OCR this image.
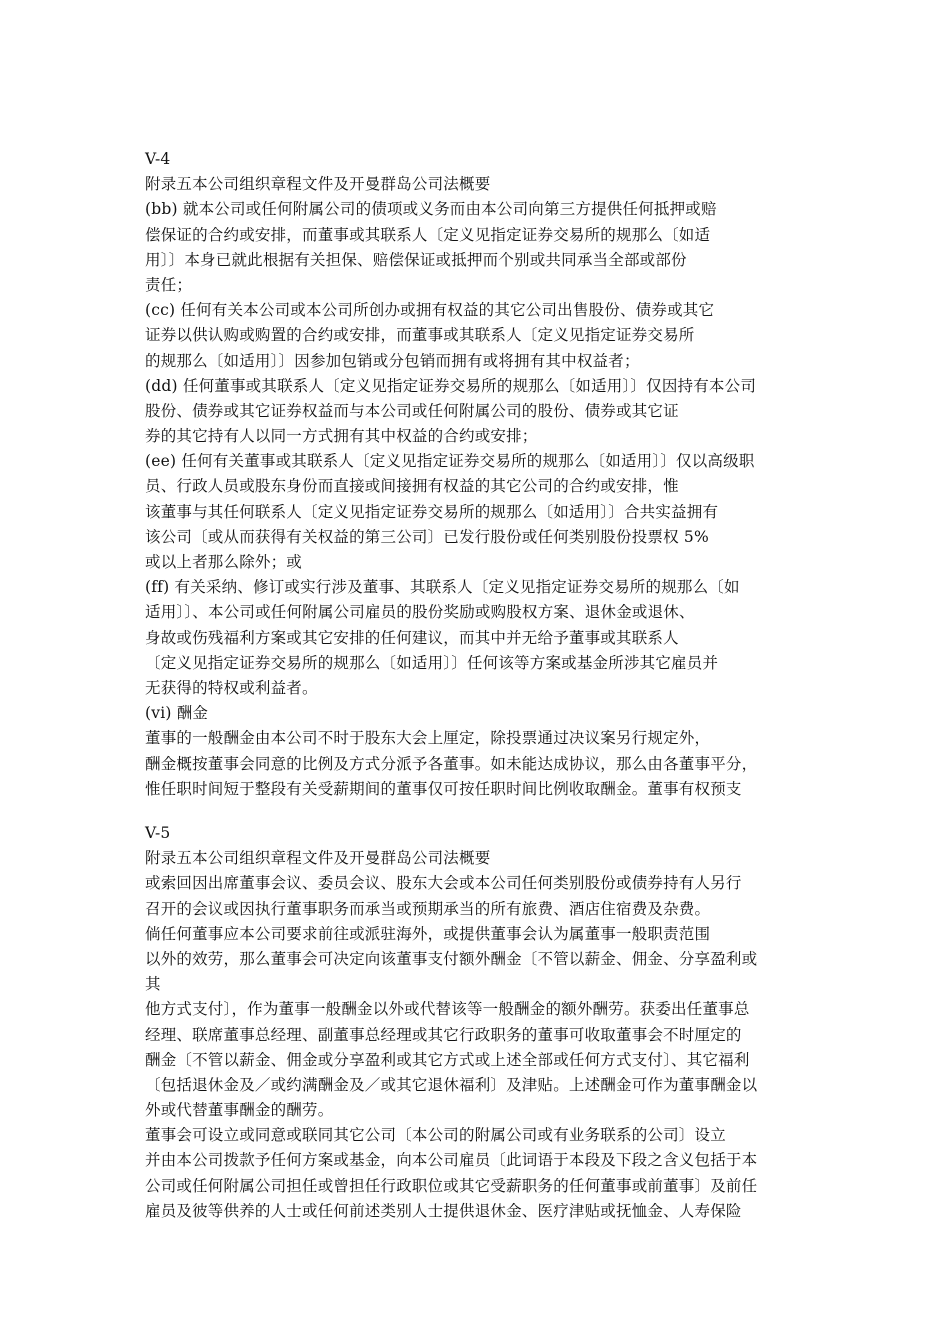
V-4
附录五本公司组织章程文件及开曼群岛公司法概要
(bb) 就本公司或任何附属公司的债项或义务而由本公司向第三方提供任何抵押或赔
偿保证的合约或安排，而董事或其联系人〔定义见指定证券交易所的规那么〔如适
用〕〕本身已就此根据有关担保、赔偿保证或抵押而个别或共同承当全部或部份
责任；
(cc) 任何有关本公司或本公司所创办或拥有权益的其它公司出售股份、债券或其它
证券以供认购或购置的合约或安排，而董事或其联系人〔定义见指定证券交易所
的规那么〔如适用〕〕因参加包销或分包销而拥有或将拥有其中权益者；
(dd) 任何董事或其联系人〔定义见指定证券交易所的规那么〔如适用〕〕仅因持有本公司
股份、债券或其它证券权益而与本公司或任何附属公司的股份、债券或其它证
券的其它持有人以同一方式拥有其中权益的合约或安排；
(ee) 任何有关董事或其联系人〔定义见指定证券交易所的规那么〔如适用〕〕仅以高级职
员、行政人员或股东身份而直接或间接拥有权益的其它公司的合约或安排，惟
该董事与其任何联系人〔定义见指定证券交易所的规那么〔如适用〕〕合共实益拥有
该公司〔或从而获得有关权益的第三公司〕已发行股份或任何类别股份投票权 5%
或以上者那么除外；或
(ff) 有关采纳、修订或实行涉及董事、其联系人〔定义见指定证券交易所的规那么〔如
适用〕〕、本公司或任何附属公司雇员的股份奖励或购股权方案、退休金或退休、
身故或伤残福利方案或其它安排的任何建议，而其中并无给予董事或其联系人
〔定义见指定证券交易所的规那么〔如适用〕〕任何该等方案或基金所涉其它雇员并
无获得的特权或利益者。
(vi) 酬金
董事的一般酬金由本公司不时于股东大会上厘定，除投票通过决议案另行规定外，
酬金概按董事会同意的比例及方式分派予各董事。如未能达成协议，那么由各董事平分，
惟任职时间短于整段有关受薪期间的董事仅可按任职时间比例收取酬金。董事有权预支
V-5
附录五本公司组织章程文件及开曼群岛公司法概要
或索回因出席董事会议、委员会议、股东大会或本公司任何类别股份或债券持有人另行
召开的会议或因执行董事职务而承当或预期承当的所有旅费、酒店住宿费及杂费。
倘任何董事应本公司要求前往或派驻海外，或提供董事会认为属董事一般职责范围
以外的效劳，那么董事会可决定向该董事支付额外酬金〔不管以薪金、佣金、分享盈利或
其
他方式支付〕，作为董事一般酬金以外或代替该等一般酬金的额外酬劳。获委出任董事总
经理、联席董事总经理、副董事总经理或其它行政职务的董事可收取董事会不时厘定的
酬金〔不管以薪金、佣金或分享盈利或其它方式或上述全部或任何方式支付〕、其它福利
〔包括退休金及／或约满酬金及／或其它退休福利〕及津贴。上述酬金可作为董事酬金以
外或代替董事酬金的酬劳。
董事会可设立或同意或联同其它公司〔本公司的附属公司或有业务联系的公司〕设立
并由本公司拨款予任何方案或基金，向本公司雇员〔此词语于本段及下段之含义包括于本
公司或任何附属公司担任或曾担任行政职位或其它受薪职务的任何董事或前董事〕及前任
雇员及彼等供养的人士或任何前述类别人士提供退休金、医疗津贴或抚恤金、人寿保险
